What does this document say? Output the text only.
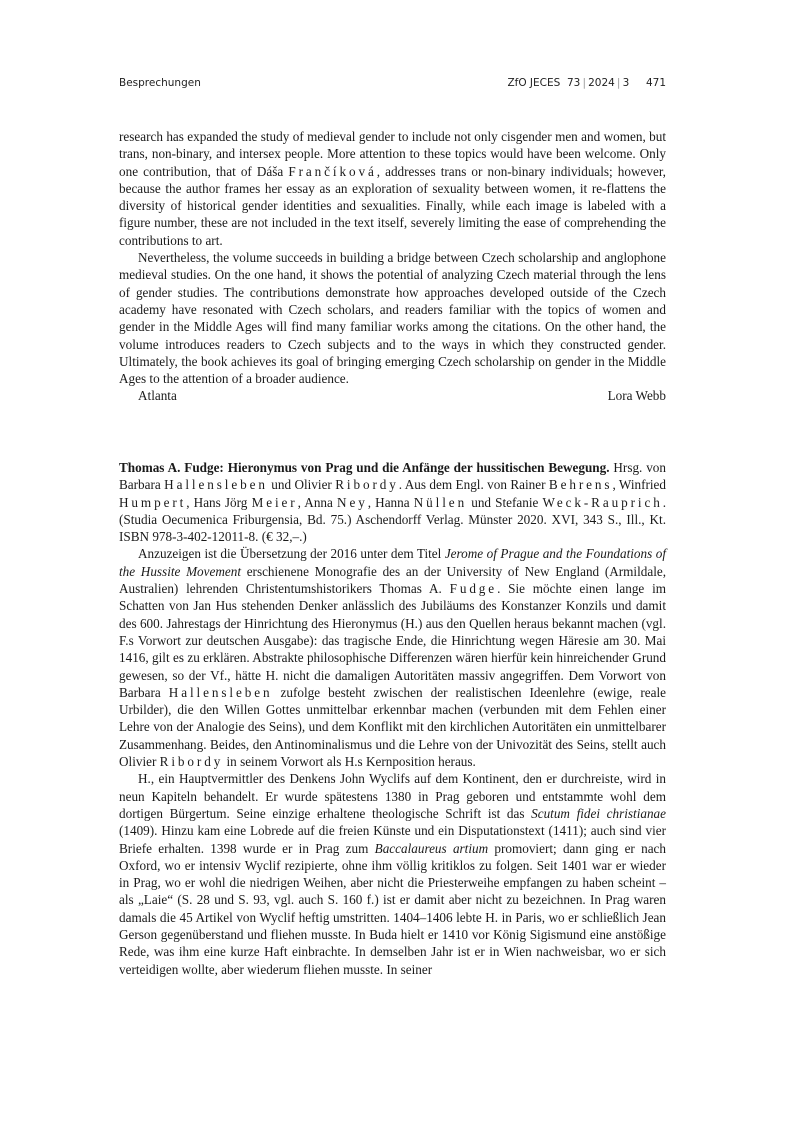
Besprechungen	ZfO JECES 73 | 2024 | 3 471

research has expanded the study of medieval gender to include not only cisgender men and women, but trans, non-binary, and intersex people. More attention to these topics would have been welcome. Only one contribution, that of Dáša Frančíková, addresses trans or non-binary individuals; however, because the author frames her essay as an exploration of sexuality between women, it re-flattens the diversity of historical gender identities and sexualities. Finally, while each image is labeled with a figure number, these are not included in the text itself, severely limiting the ease of comprehending the contributions to art.

Nevertheless, the volume succeeds in building a bridge between Czech scholarship and anglophone medieval studies. On the one hand, it shows the potential of analyzing Czech material through the lens of gender studies. The contributions demonstrate how approaches developed outside of the Czech academy have resonated with Czech scholars, and readers familiar with the topics of women and gender in the Middle Ages will find many familiar works among the citations. On the other hand, the volume introduces readers to Czech subjects and to the ways in which they constructed gender. Ultimately, the book achieves its goal of bringing emerging Czech scholarship on gender in the Middle Ages to the attention of a broader audience.

Atlanta	Lora Webb

Thomas A. Fudge: Hieronymus von Prag und die Anfänge der hussitischen Bewegung. Hrsg. von Barbara Hallensleben und Olivier Ribordy. Aus dem Engl. von Rainer Behrens, Winfried Humpert, Hans Jörg Meier, Anna Ney, Hanna Nüllen und Stefanie Weck-Rauprich. (Studia Oecumenica Friburgensia, Bd. 75.) Aschendorff Verlag. Münster 2020. XVI, 343 S., Ill., Kt. ISBN 978-3-402-12011-8. (€ 32,–.)

Anzuzeigen ist die Übersetzung der 2016 unter dem Titel Jerome of Prague and the Foundations of the Hussite Movement erschienene Monografie des an der University of New England (Armildale, Australien) lehrenden Christentumshistorikers Thomas A. Fudge. Sie möchte einen lange im Schatten von Jan Hus stehenden Denker anlässlich des Jubiläums des Konstanzer Konzils und damit des 600. Jahrestags der Hinrichtung des Hieronymus (H.) aus den Quellen heraus bekannt machen (vgl. F.s Vorwort zur deutschen Ausgabe): das tragische Ende, die Hinrichtung wegen Häresie am 30. Mai 1416, gilt es zu erklären. Abstrakte philosophische Differenzen wären hierfür kein hinreichender Grund gewesen, so der Vf., hätte H. nicht die damaligen Autoritäten massiv angegriffen. Dem Vorwort von Barbara Hallensleben zufolge besteht zwischen der realistischen Ideenlehre (ewige, reale Urbilder), die den Willen Gottes unmittelbar erkennbar machen (verbunden mit dem Fehlen einer Lehre von der Analogie des Seins), und dem Konflikt mit den kirchlichen Autoritäten ein unmittelbarer Zusammenhang. Beides, den Antinominalismus und die Lehre von der Univozität des Seins, stellt auch Olivier Ribordy in seinem Vorwort als H.s Kernposition heraus.

H., ein Hauptvermittler des Denkens John Wyclifs auf dem Kontinent, den er durchreiste, wird in neun Kapiteln behandelt. Er wurde spätestens 1380 in Prag geboren und entstammte wohl dem dortigen Bürgertum. Seine einzige erhaltene theologische Schrift ist das Scutum fidei christianae (1409). Hinzu kam eine Lobrede auf die freien Künste und ein Disputationstext (1411); auch sind vier Briefe erhalten. 1398 wurde er in Prag zum Baccalaureus artium promoviert; dann ging er nach Oxford, wo er intensiv Wyclif rezipierte, ohne ihm völlig kritiklos zu folgen. Seit 1401 war er wieder in Prag, wo er wohl die niedrigen Weihen, aber nicht die Priesterweihe empfangen zu haben scheint – als „Laie“ (S. 28 und S. 93, vgl. auch S. 160 f.) ist er damit aber nicht zu bezeichnen. In Prag waren damals die 45 Artikel von Wyclif heftig umstritten. 1404–1406 lebte H. in Paris, wo er schließlich Jean Gerson gegenüberstand und fliehen musste. In Buda hielt er 1410 vor König Sigismund eine anstößige Rede, was ihm eine kurze Haft einbrachte. In demselben Jahr ist er in Wien nachweisbar, wo er sich verteidigen wollte, aber wiederum fliehen musste. In seiner
